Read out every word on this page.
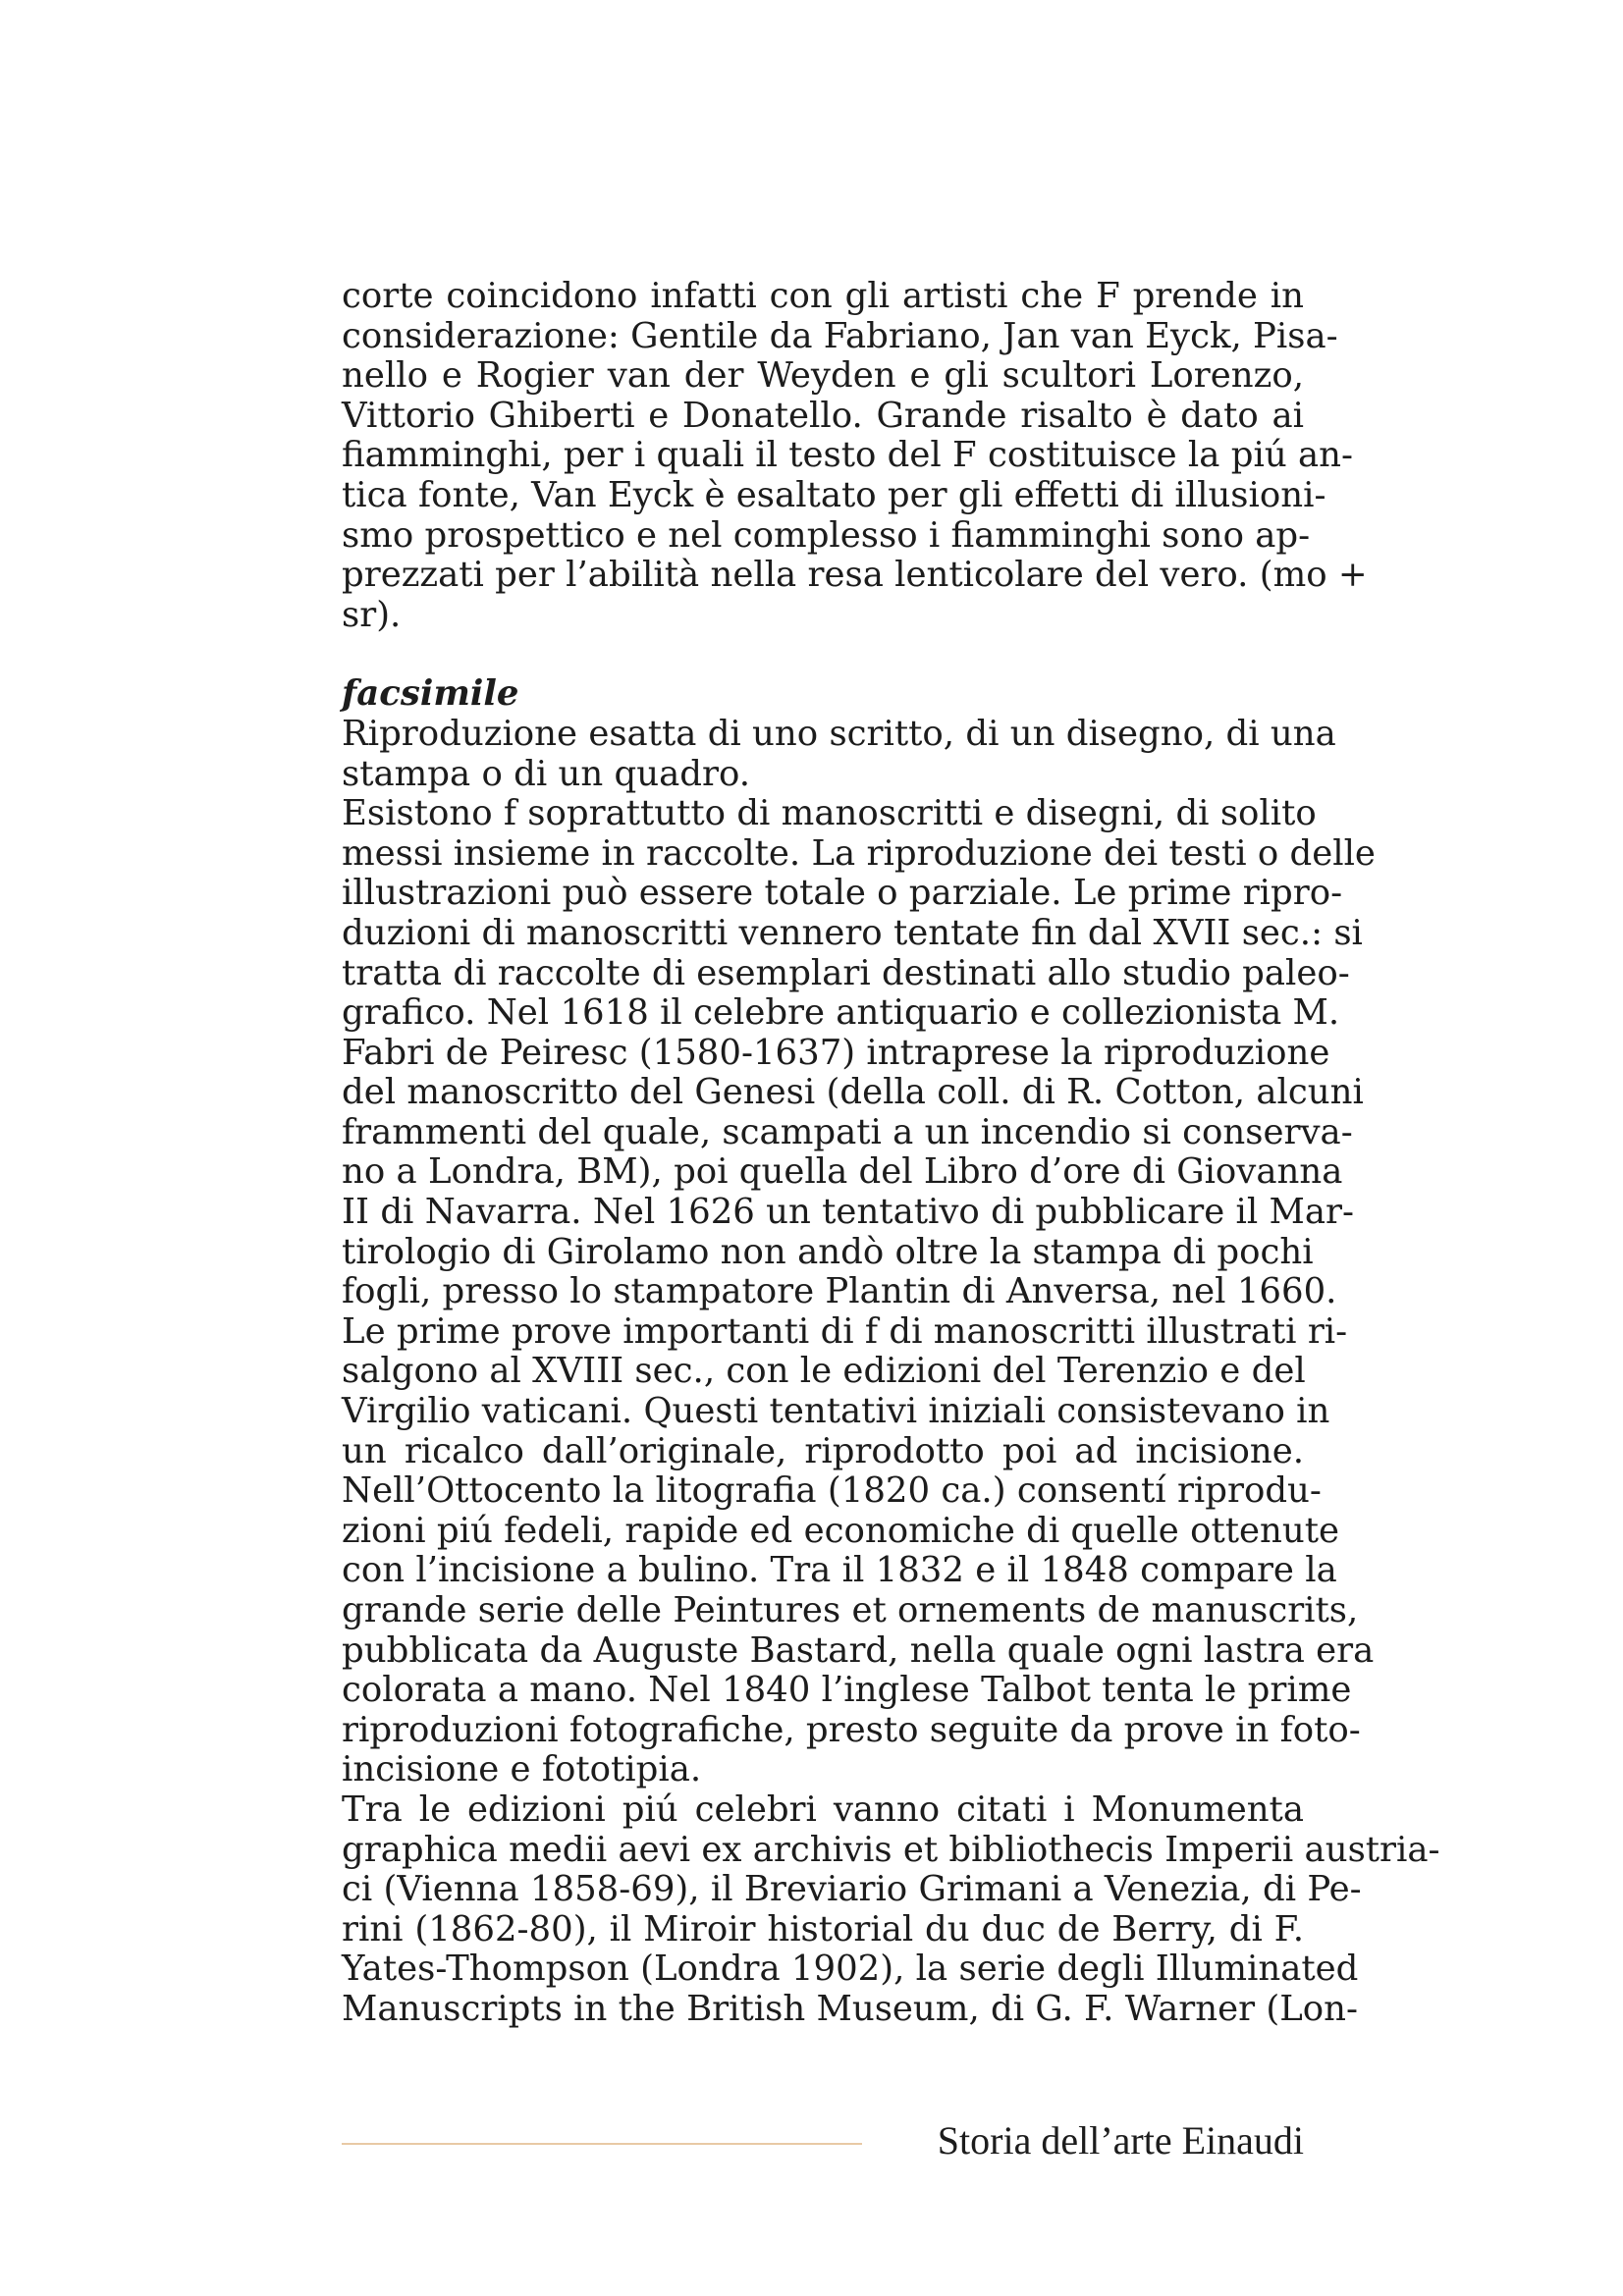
corte coincidono infatti con gli artisti che F prende in
considerazione: Gentile da Fabriano, Jan van Eyck, Pisa-
nello e Rogier van der Weyden e gli scultori Lorenzo,
Vittorio Ghiberti e Donatello. Grande risalto è dato ai
fiamminghi, per i quali il testo del F costituisce la piú an-
tica fonte, Van Eyck è esaltato per gli effetti di illusioni-
smo prospettico e nel complesso i fiamminghi sono ap-
prezzati per l’abilità nella resa lenticolare del vero. (mo +
sr).
facsimile
Riproduzione esatta di uno scritto, di un disegno, di una
stampa o di un quadro.
Esistono f soprattutto di manoscritti e disegni, di solito
messi insieme in raccolte. La riproduzione dei testi o delle
illustrazioni può essere totale o parziale. Le prime ripro-
duzioni di manoscritti vennero tentate fin dal XVII sec.: si
tratta di raccolte di esemplari destinati allo studio paleo-
grafico. Nel 1618 il celebre antiquario e collezionista M.
Fabri de Peiresc (1580-1637) intraprese la riproduzione
del manoscritto del Genesi (della coll. di R. Cotton, alcuni
frammenti del quale, scampati a un incendio si conserva-
no a Londra, BM), poi quella del Libro d’ore di Giovanna
II di Navarra. Nel 1626 un tentativo di pubblicare il Mar-
tirologio di Girolamo non andò oltre la stampa di pochi
fogli, presso lo stampatore Plantin di Anversa, nel 1660.
Le prime prove importanti di f di manoscritti illustrati ri-
salgono al XVIII sec., con le edizioni del Terenzio e del
Virgilio vaticani. Questi tentativi iniziali consistevano in
un ricalco dall’originale, riprodotto poi ad incisione.
Nell’Ottocento la litografia (1820 ca.) consentí riprodu-
zioni piú fedeli, rapide ed economiche di quelle ottenute
con l’incisione a bulino. Tra il 1832 e il 1848 compare la
grande serie delle Peintures et ornements de manuscrits,
pubblicata da Auguste Bastard, nella quale ogni lastra era
colorata a mano. Nel 1840 l’inglese Talbot tenta le prime
riproduzioni fotografiche, presto seguite da prove in foto-
incisione e fototipia.
Tra le edizioni piú celebri vanno citati i Monumenta
graphica medii aevi ex archivis et bibliothecis Imperii austria-
ci (Vienna 1858-69), il Breviario Grimani a Venezia, di Pe-
rini (1862-80), il Miroir historial du duc de Berry, di F.
Yates-Thompson (Londra 1902), la serie degli Illuminated
Manuscripts in the British Museum, di G. F. Warner (Lon-
Storia dell’arte Einaudi
